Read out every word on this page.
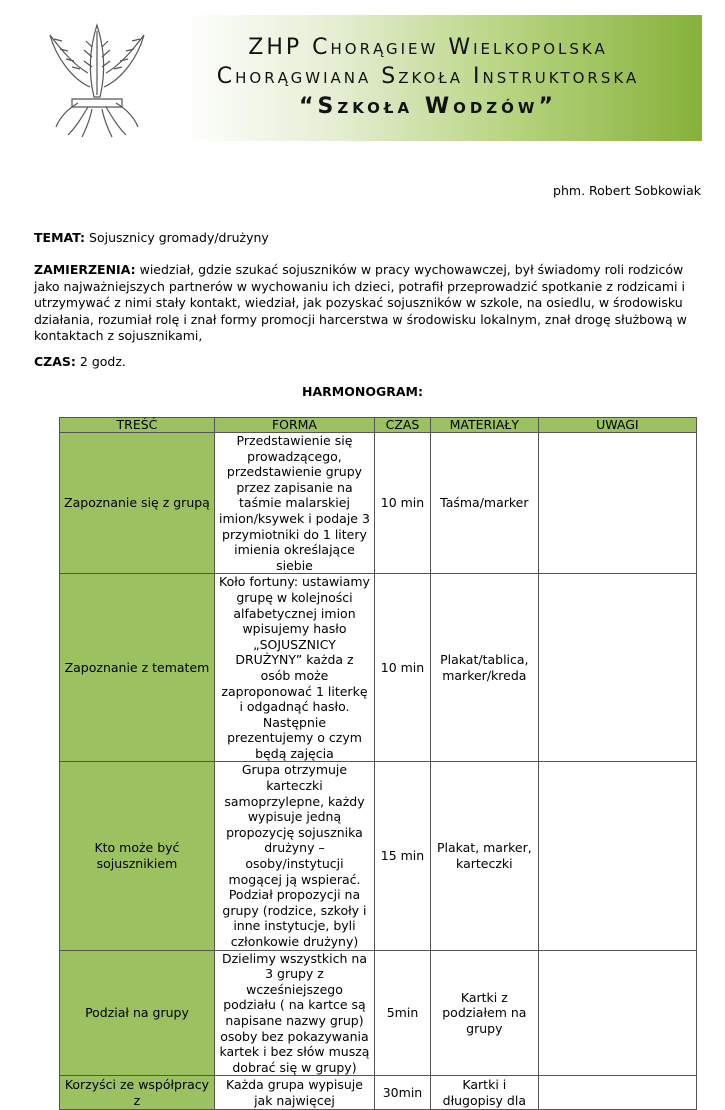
ZHP Chorągiew Wielkopolska
Chorągwiana Szkoła Instruktorska
“Szkoła Wodzów”
phm. Robert Sobkowiak
TEMAT: Sojusznicy gromady/drużyny
ZAMIERZENIA: wiedział, gdzie szukać sojuszników w pracy wychowawczej, był świadomy roli rodziców jako najważniejszych partnerów w wychowaniu ich dzieci, potrafił przeprowadzić spotkanie z rodzicami i utrzymywać z nimi stały kontakt, wiedział, jak pozyskać sojuszników w szkole, na osiedlu, w środowisku działania, rozumiał rolę i znał formy promocji harcerstwa w środowisku lokalnym, znał drogę służbową w kontaktach z sojusznikami,
CZAS: 2 godz.
HARMONOGRAM:
TREŚĆ	FORMA	CZAS	MATERIAŁY	UWAGI
Zapoznanie się z grupą	Przedstawienie się prowadzącego, przedstawienie grupy przez zapisanie na taśmie malarskiej imion/ksywek i podaje 3 przymiotniki do 1 litery imienia określające siebie	10 min	Taśma/marker	
Zapoznanie z tematem	Koło fortuny: ustawiamy grupę w kolejności alfabetycznej imion wpisujemy hasło „SOJUSZNICY DRUŻYNY” każda z osób może zaproponować 1 literkę i odgadnąć hasło. Następnie prezentujemy o czym będą zajęcia	10 min	Plakat/tablica, marker/kreda	
Kto może być sojusznikiem	Grupa otrzymuje karteczki samoprzylepne, każdy wypisuje jedną propozycję sojusznika drużyny – osoby/instytucji mogącej ją wspierać. Podział propozycji na grupy (rodzice, szkoły i inne instytucje, byli członkowie drużyny)	15 min	Plakat, marker, karteczki	
Podział na grupy	Dzielimy wszystkich na 3 grupy z wcześniejszego podziału ( na kartce są napisane nazwy grup) osoby bez pokazywania kartek i bez słów muszą dobrać się w grupy)	5min	Kartki z podziałem na grupy	
Korzyści ze współpracy z	Każda grupa wypisuje jak najwięcej	30min	Kartki i długopisy dla	
